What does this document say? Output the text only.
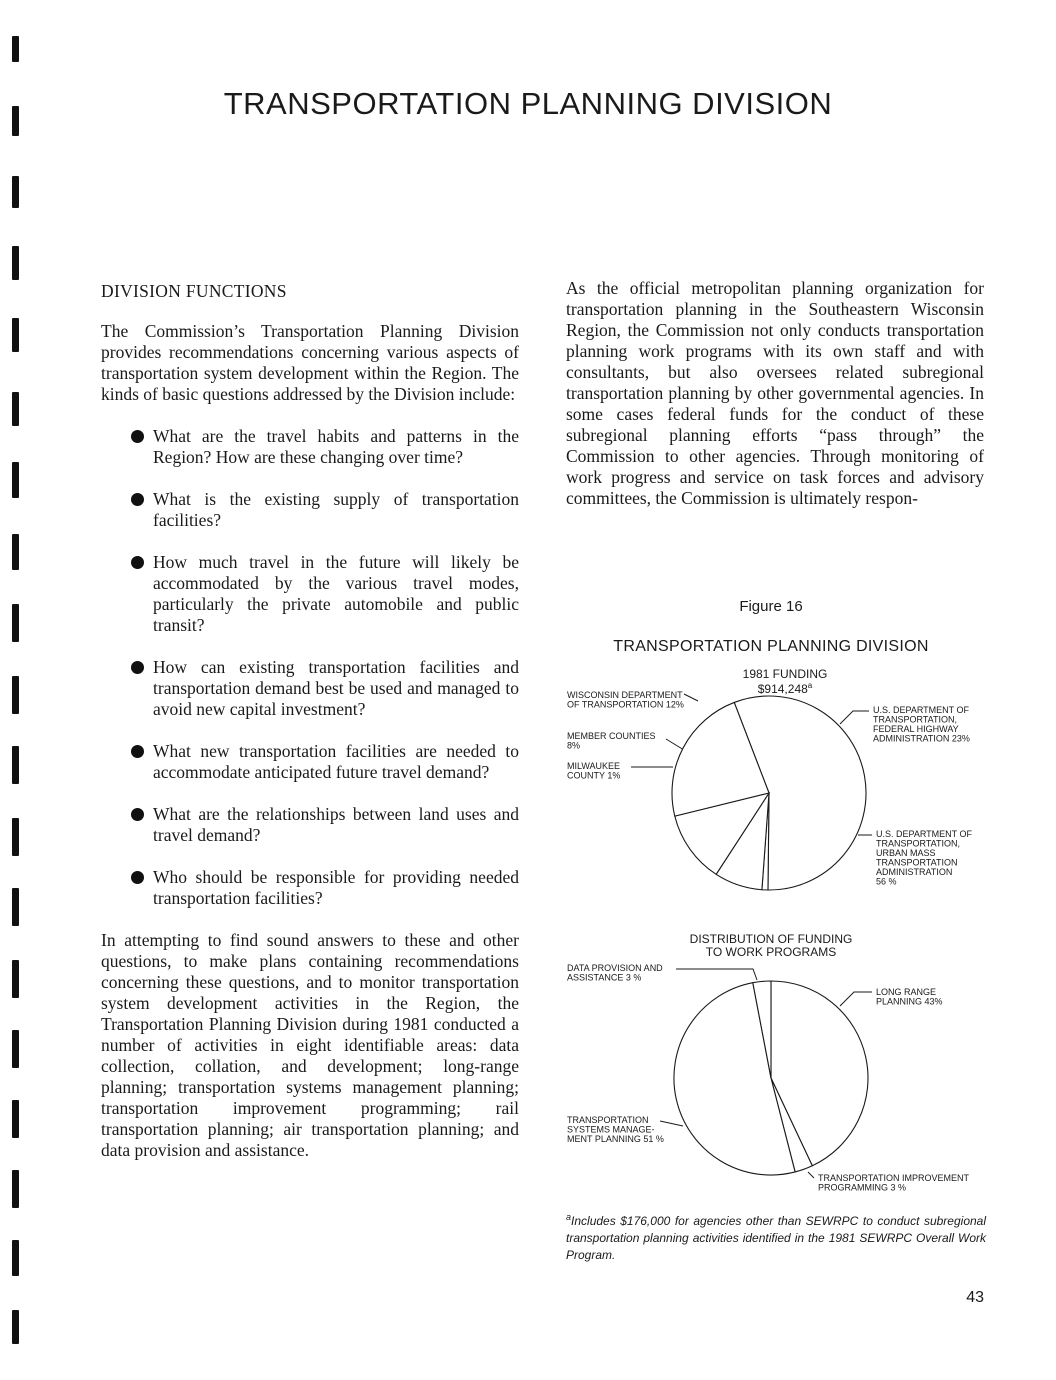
TRANSPORTATION PLANNING DIVISION
DIVISION FUNCTIONS

The Commission’s Transportation Planning Division provides recommendations concerning various aspects of transportation system development within the Region. The kinds of basic questions addressed by the Division include:

What are the travel habits and patterns in the Region? How are these changing over time?
What is the existing supply of transportation facilities?
How much travel in the future will likely be accommodated by the various travel modes, particularly the private automobile and public transit?
How can existing transportation facilities and transportation demand best be used and managed to avoid new capital investment?
What new transportation facilities are needed to accommodate anticipated future travel demand?
What are the relationships between land uses and travel demand?
Who should be responsible for providing needed transportation facilities?

In attempting to find sound answers to these and other questions, to make plans containing recommendations concerning these questions, and to monitor transportation system development activities in the Region, the Transportation Planning Division during 1981 conducted a number of activities in eight identifiable areas: data collection, collation, and development; long-range planning; transportation systems management planning; transportation improvement programming; rail transportation planning; air transportation planning; and data provision and assistance.

As the official metropolitan planning organization for transportation planning in the Southeastern Wisconsin Region, the Commission not only conducts transportation planning work programs with its own staff and with consultants, but also oversees related subregional transportation planning by other governmental agencies. In some cases federal funds for the conduct of these subregional planning efforts “pass through” the Commission to other agencies. Through monitoring of work progress and service on task forces and advisory committees, the Commission is ultimately respon-

Figure 16
TRANSPORTATION PLANNING DIVISION
1981 FUNDING
$914,248$^a$
U.S. DEPARTMENT OF TRANSPORTATION, URBAN MASS TRANSPORTATION ADMINISTRATION 56 %
MILWAUKEE COUNTY 1%
MEMBER COUNTIES 8%
WISCONSIN DEPARTMENT OF TRANSPORTATION 12%
U.S. DEPARTMENT OF TRANSPORTATION, FEDERAL HIGHWAY ADMINISTRATION 23%
DISTRIBUTION OF FUNDING TO WORK PROGRAMS
LONG RANGE PLANNING 43%
TRANSPORTATION IMPROVEMENT PROGRAMMING 3 %
TRANSPORTATION SYSTEMS MANAGE-MENT PLANNING 51 %
DATA PROVISION AND ASSISTANCE 3 %
$^a$Includes $176,000 for agencies other than SEWRPC to conduct subregional transportation planning activities identified in the 1981 SEWRPC Overall Work Program.
43
